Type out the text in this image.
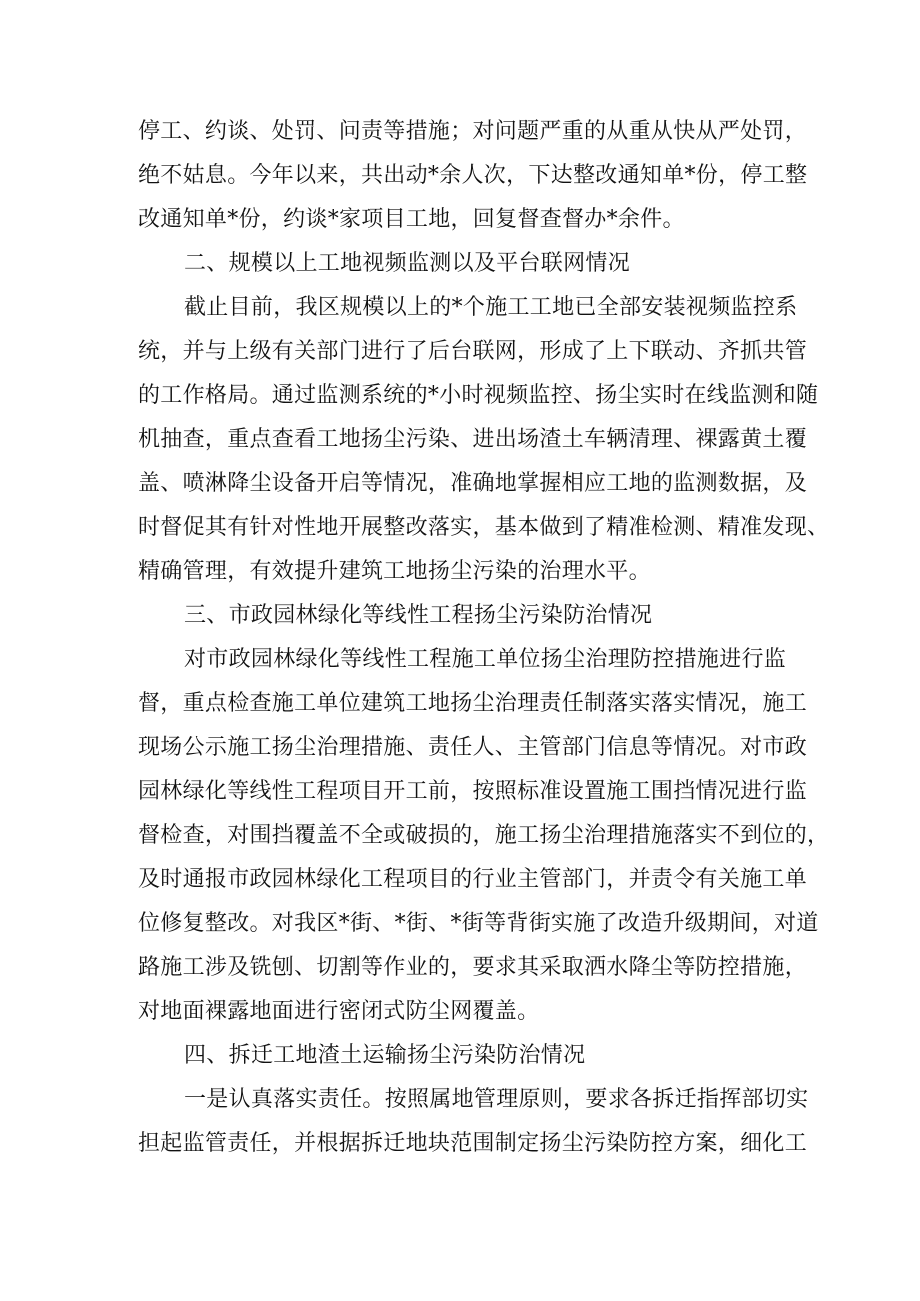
停工、约谈、处罚、问责等措施；对问题严重的从重从快从严处罚，
绝不姑息。今年以来，共出动*余人次，下达整改通知单*份，停工整
改通知单*份，约谈*家项目工地，回复督查督办*余件。
二、规模以上工地视频监测以及平台联网情况
截止目前，我区规模以上的*个施工工地已全部安装视频监控系
统，并与上级有关部门进行了后台联网，形成了上下联动、齐抓共管
的工作格局。通过监测系统的*小时视频监控、扬尘实时在线监测和随
机抽查，重点查看工地扬尘污染、进出场渣土车辆清理、裸露黄土覆
盖、喷淋降尘设备开启等情况，准确地掌握相应工地的监测数据，及
时督促其有针对性地开展整改落实，基本做到了精准检测、精准发现、
精确管理，有效提升建筑工地扬尘污染的治理水平。
三、市政园林绿化等线性工程扬尘污染防治情况
对市政园林绿化等线性工程施工单位扬尘治理防控措施进行监
督，重点检查施工单位建筑工地扬尘治理责任制落实落实情况，施工
现场公示施工扬尘治理措施、责任人、主管部门信息等情况。对市政
园林绿化等线性工程项目开工前，按照标准设置施工围挡情况进行监
督检查，对围挡覆盖不全或破损的，施工扬尘治理措施落实不到位的，
及时通报市政园林绿化工程项目的行业主管部门，并责令有关施工单
位修复整改。对我区*街、*街、*街等背街实施了改造升级期间，对道
路施工涉及铣刨、切割等作业的，要求其采取洒水降尘等防控措施，
对地面裸露地面进行密闭式防尘网覆盖。
四、拆迁工地渣土运输扬尘污染防治情况
一是认真落实责任。按照属地管理原则，要求各拆迁指挥部切实
担起监管责任，并根据拆迁地块范围制定扬尘污染防控方案，细化工
